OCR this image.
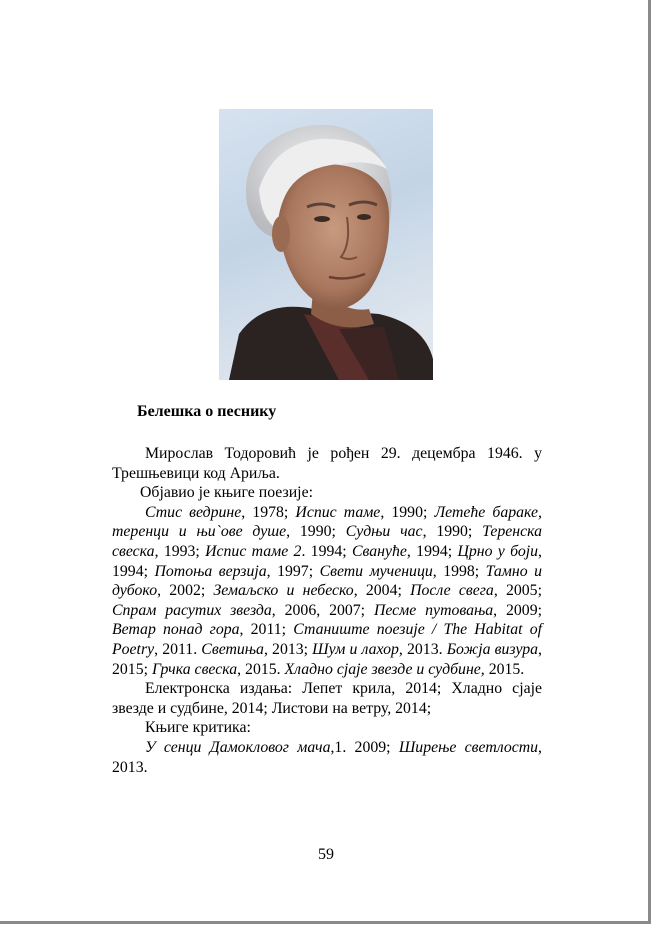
Белешка о песнику

Мирослав Тодоровић је рођен 29. децембра 1946. у Трешњевици код Ариља.

Објавио је књиге поезије:

Стис ведрине, 1978; Испис таме, 1990; Летеће бараке, теренци и њи`ове душе, 1990; Судњи час, 1990; Теренска свеска, 1993; Испис таме 2. 1994; Свануће, 1994; Црно у боји, 1994; Потоња верзија, 1997; Свети мученици, 1998; Тамно и дубоко, 2002; Земаљско и небеско, 2004; После свега, 2005; Спрам расутих звезда, 2006, 2007; Песме путовања, 2009; Ветар понад гора, 2011; Станиште поезије / The Habitat of Poetry, 2011. Светиња, 2013; Шум и лахор, 2013. Божја визура, 2015; Грчка свеска, 2015. Хладно сјаје звезде и судбине, 2015.

Електронска издања: Лепет крила, 2014; Хладно сјаје звезде и судбине, 2014; Листови на ветру, 2014;

Књиге критика:

У сенци Дамокловог мача,1. 2009; Ширење светлости, 2013.

59
